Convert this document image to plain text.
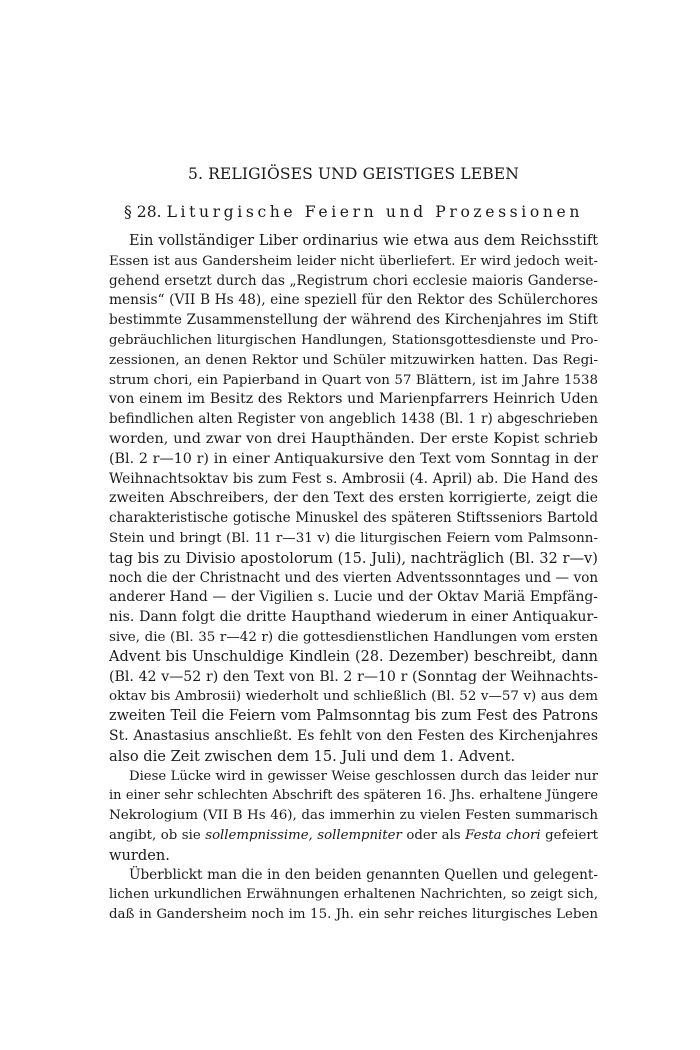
5. RELIGIÖSES UND GEISTIGES LEBEN
§ 28. Liturgische Feiern und Prozessionen

Ein vollständiger Liber ordinarius wie etwa aus dem Reichsstift
Essen ist aus Gandersheim leider nicht überliefert. Er wird jedoch weit-
gehend ersetzt durch das „Registrum chori ecclesie maioris Ganderse-
mensis“ (VII B Hs 48), eine speziell für den Rektor des Schülerchores
bestimmte Zusammenstellung der während des Kirchenjahres im Stift
gebräuchlichen liturgischen Handlungen, Stationsgottesdienste und Pro-
zessionen, an denen Rektor und Schüler mitzuwirken hatten. Das Regi-
strum chori, ein Papierband in Quart von 57 Blättern, ist im Jahre 1538
von einem im Besitz des Rektors und Marienpfarrers Heinrich Uden
befindlichen alten Register von angeblich 1438 (Bl. 1 r) abgeschrieben
worden, und zwar von drei Haupthänden. Der erste Kopist schrieb
(Bl. 2 r—10 r) in einer Antiquakursive den Text vom Sonntag in der
Weihnachtsoktav bis zum Fest s. Ambrosii (4. April) ab. Die Hand des
zweiten Abschreibers, der den Text des ersten korrigierte, zeigt die
charakteristische gotische Minuskel des späteren Stiftsseniors Bartold
Stein und bringt (Bl. 11 r—31 v) die liturgischen Feiern vom Palmsonn-
tag bis zu Divisio apostolorum (15. Juli), nachträglich (Bl. 32 r—v)
noch die der Christnacht und des vierten Adventssonntages und — von
anderer Hand — der Vigilien s. Lucie und der Oktav Mariä Empfäng-
nis. Dann folgt die dritte Haupthand wiederum in einer Antiquakur-
sive, die (Bl. 35 r—42 r) die gottesdienstlichen Handlungen vom ersten
Advent bis Unschuldige Kindlein (28. Dezember) beschreibt, dann
(Bl. 42 v—52 r) den Text von Bl. 2 r—10 r (Sonntag der Weihnachts-
oktav bis Ambrosii) wiederholt und schließlich (Bl. 52 v—57 v) aus dem
zweiten Teil die Feiern vom Palmsonntag bis zum Fest des Patrons
St. Anastasius anschließt. Es fehlt von den Festen des Kirchenjahres
also die Zeit zwischen dem 15. Juli und dem 1. Advent.

Diese Lücke wird in gewisser Weise geschlossen durch das leider nur
in einer sehr schlechten Abschrift des späteren 16. Jhs. erhaltene Jüngere
Nekrologium (VII B Hs 46), das immerhin zu vielen Festen summarisch
angibt, ob sie sollempnissime, sollempniter oder als Festa chori gefeiert
wurden.

Überblickt man die in den beiden genannten Quellen und gelegent-
lichen urkundlichen Erwähnungen erhaltenen Nachrichten, so zeigt sich,
daß in Gandersheim noch im 15. Jh. ein sehr reiches liturgisches Leben
